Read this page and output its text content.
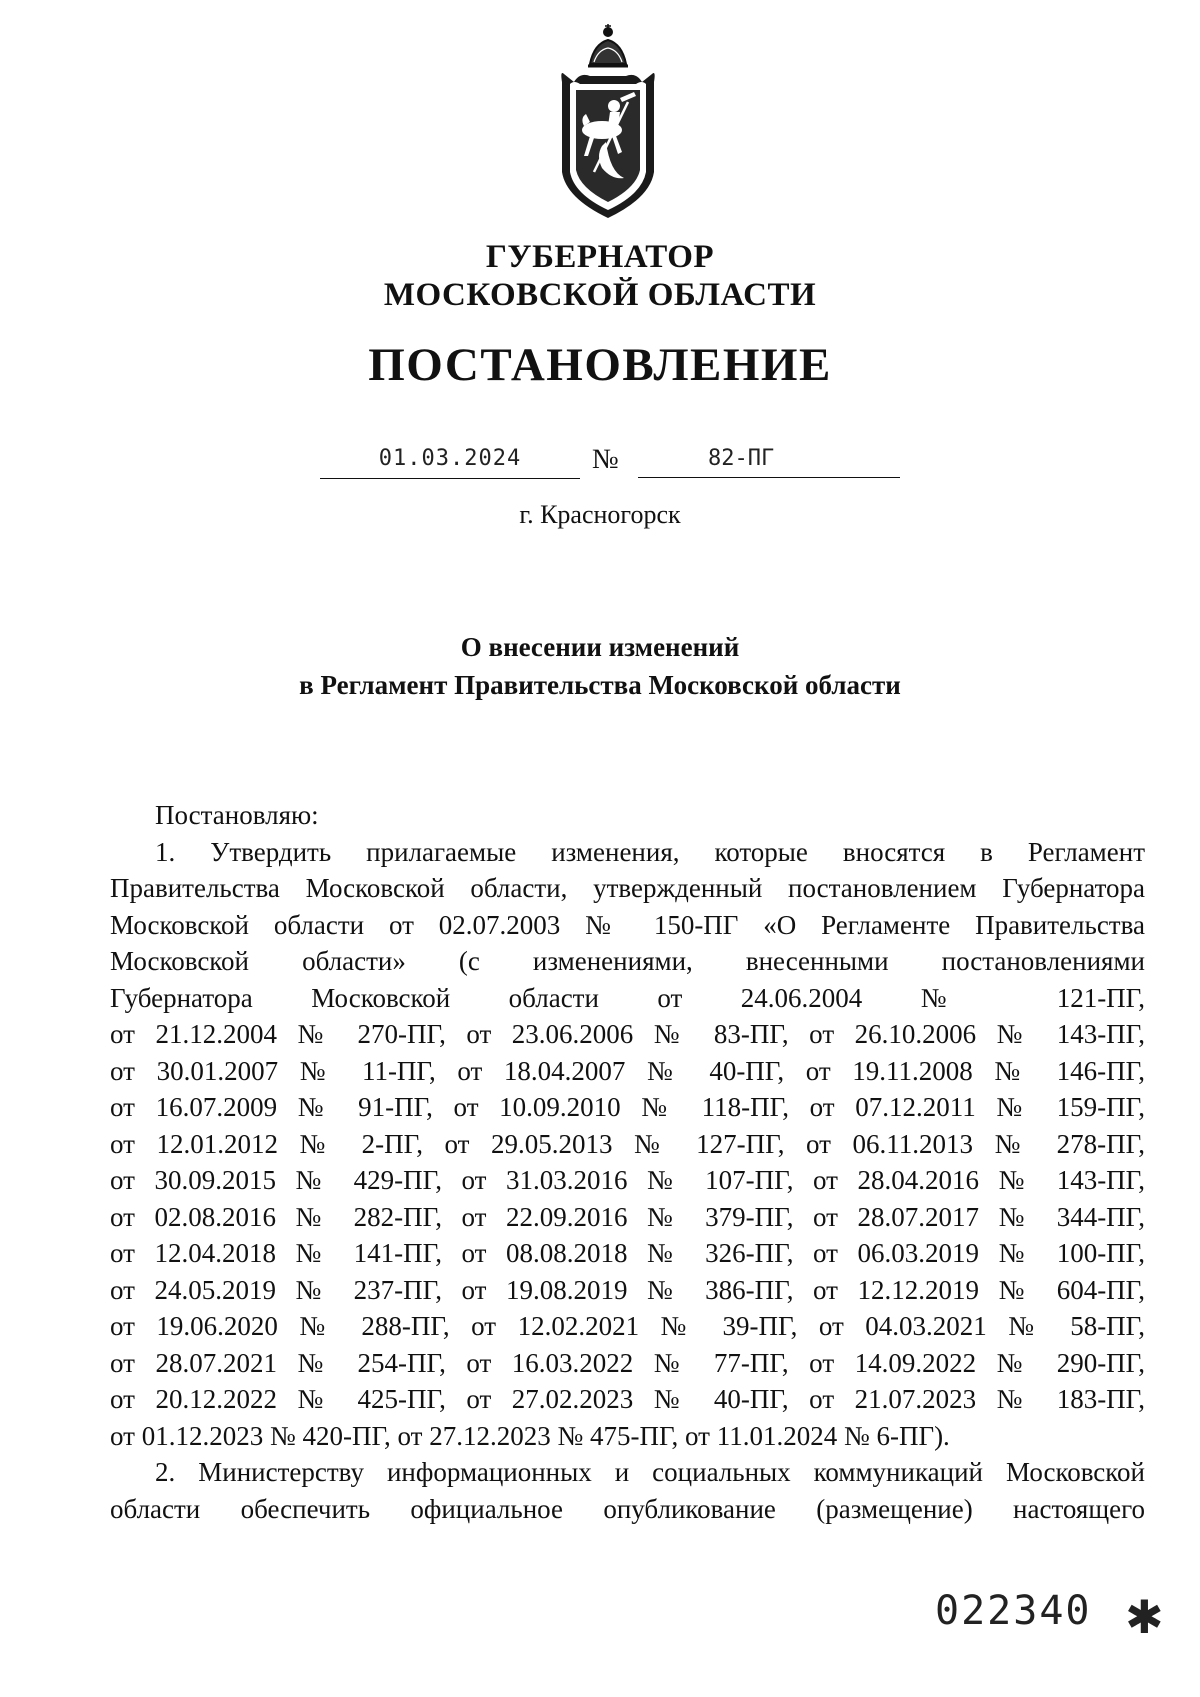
ГУБЕРНАТОР
МОСКОВСКОЙ ОБЛАСТИ
ПОСТАНОВЛЕНИЕ
01.03.2024	№	82-ПГ
г. Красногорск
О внесении изменений
в Регламент Правительства Московской области

Постановляю:

1. Утвердить прилагаемые изменения, которые вносятся в Регламент

Правительства Московской области, утвержденный постановлением Губернатора

Московской области от 02.07.2003 № 150-ПГ «О Регламенте Правительства

Московской области» (с изменениями, внесенными постановлениями

Губернатора Московской области от 24.06.2004 № 121-ПГ,

от 21.12.2004 № 270-ПГ, от 23.06.2006 № 83-ПГ, от 26.10.2006 № 143-ПГ,

от 30.01.2007 № 11-ПГ, от 18.04.2007 № 40-ПГ, от 19.11.2008 № 146-ПГ,

от 16.07.2009 № 91-ПГ, от 10.09.2010 № 118-ПГ, от 07.12.2011 № 159-ПГ,

от 12.01.2012 № 2-ПГ, от 29.05.2013 № 127-ПГ, от 06.11.2013 № 278-ПГ,

от 30.09.2015 № 429-ПГ, от 31.03.2016 № 107-ПГ, от 28.04.2016 № 143-ПГ,

от 02.08.2016 № 282-ПГ, от 22.09.2016 № 379-ПГ, от 28.07.2017 № 344-ПГ,

от 12.04.2018 № 141-ПГ, от 08.08.2018 № 326-ПГ, от 06.03.2019 № 100-ПГ,

от 24.05.2019 № 237-ПГ, от 19.08.2019 № 386-ПГ, от 12.12.2019 № 604-ПГ,

от 19.06.2020 № 288-ПГ, от 12.02.2021 № 39-ПГ, от 04.03.2021 № 58-ПГ,

от 28.07.2021 № 254-ПГ, от 16.03.2022 № 77-ПГ, от 14.09.2022 № 290-ПГ,

от 20.12.2022 № 425-ПГ, от 27.02.2023 № 40-ПГ, от 21.07.2023 № 183-ПГ,

от 01.12.2023 № 420-ПГ, от 27.12.2023 № 475-ПГ, от 11.01.2024 № 6-ПГ).

2. Министерству информационных и социальных коммуникаций Московской

области обеспечить официальное опубликование (размещение) настоящего

022340 ✱
